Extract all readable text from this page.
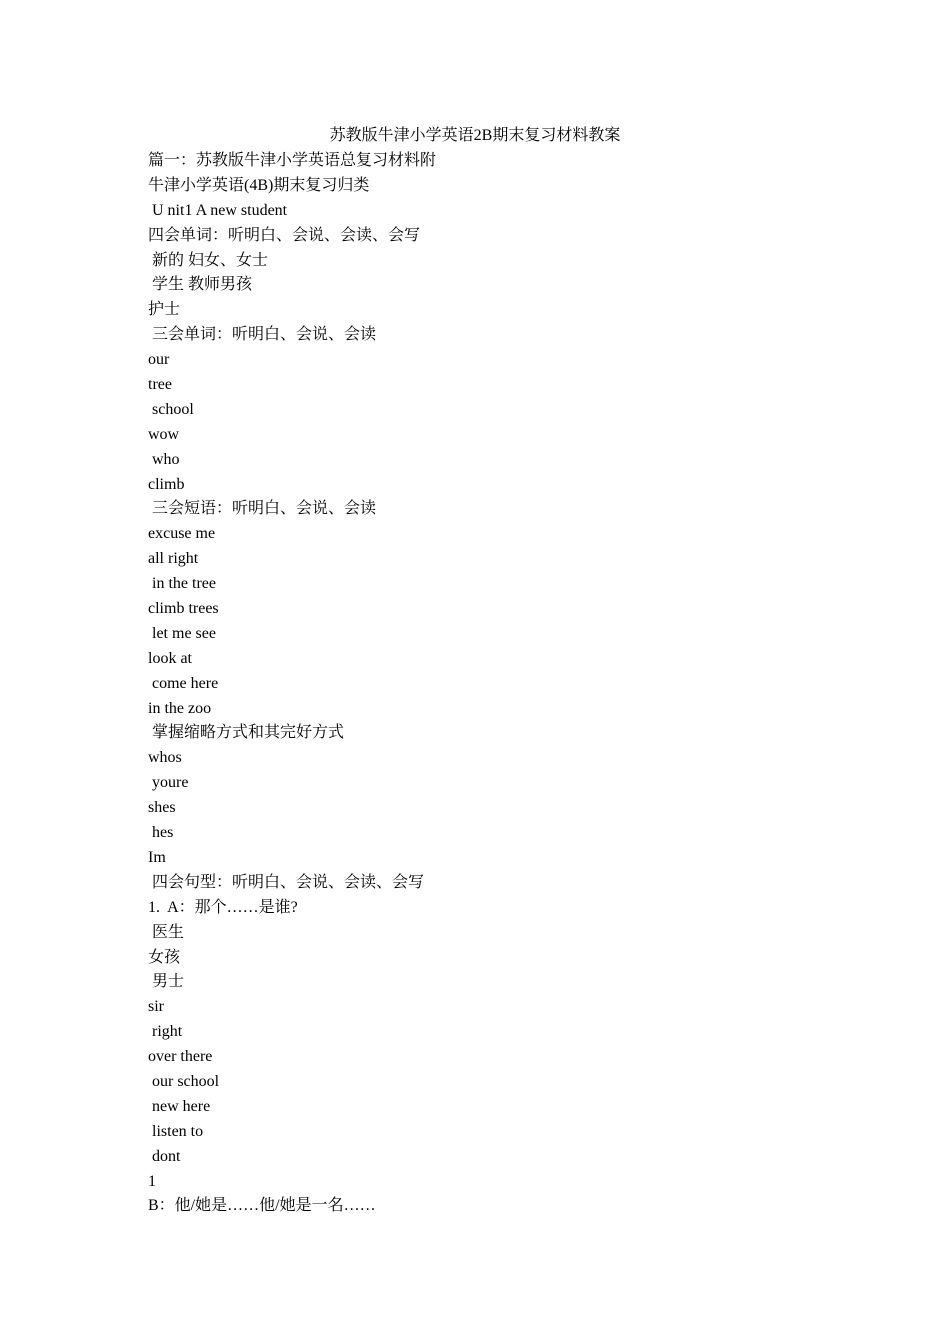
苏教版牛津小学英语2B期末复习材料教案
篇一：苏教版牛津小学英语总复习材料附
牛津小学英语(4B)期末复习归类
U nit1 A new student
四会单词：听明白、会说、会读、会写
新的 妇女、女士
学生 教师男孩
护士
三会单词：听明白、会说、会读
our
tree
school
wow
who
climb
三会短语：听明白、会说、会读
excuse me
all right
in the tree
climb trees
let me see
look at
come here
in the zoo
掌握缩略方式和其完好方式
whos
youre
shes
hes
Im
四会句型：听明白、会说、会读、会写
1.  A：那个……是谁?
医生
女孩
男士
sir
right
over there
our school
new here
listen to
dont
1
B：他/她是……他/她是一名……
